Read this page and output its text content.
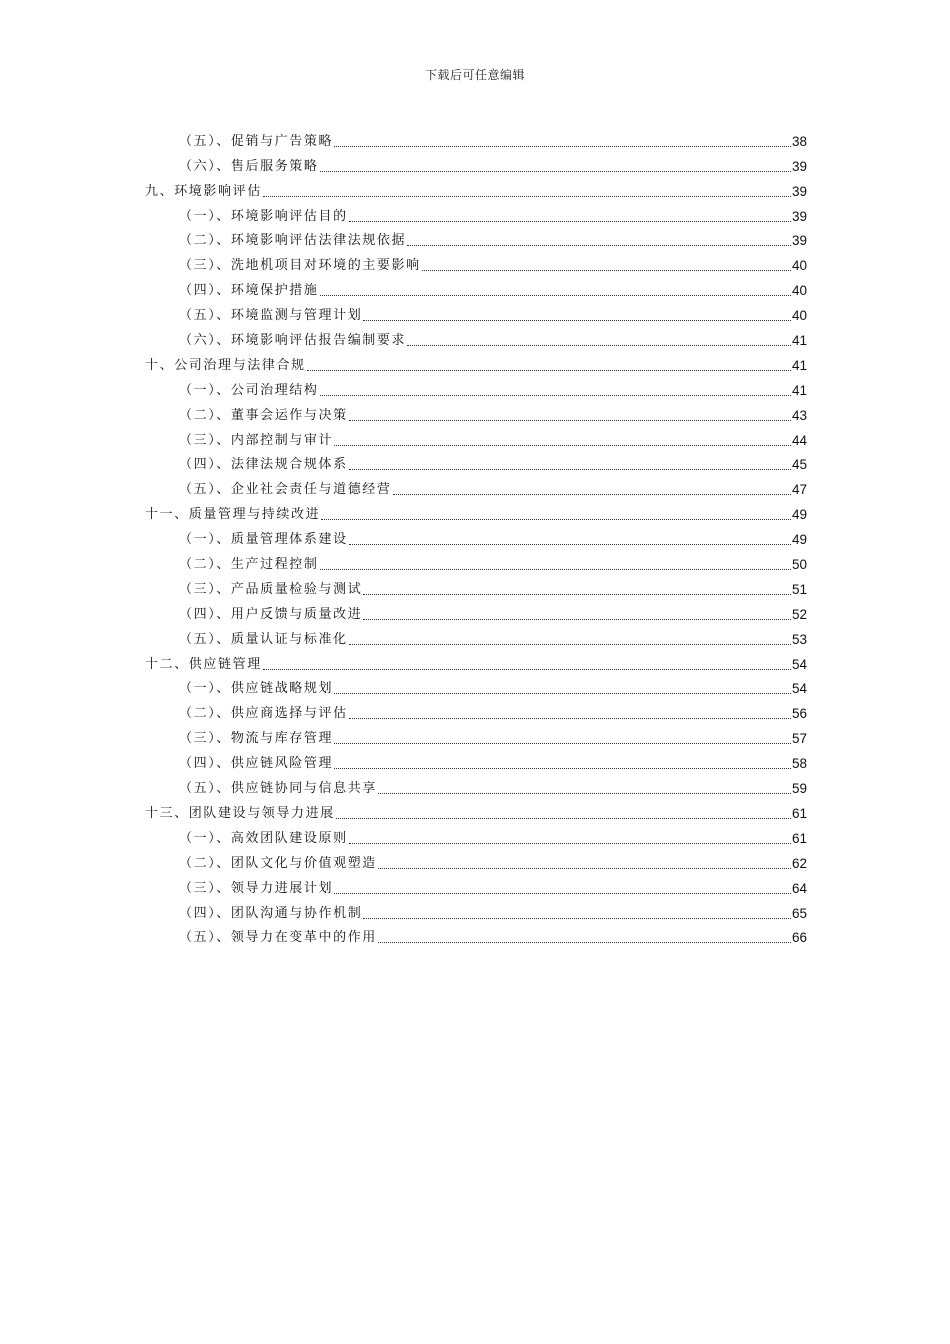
下载后可任意编辑
（五）、促销与广告策略	38
（六）、售后服务策略	39
九、环境影响评估	39
（一）、环境影响评估目的	39
（二）、环境影响评估法律法规依据	39
（三）、洗地机项目对环境的主要影响	40
（四）、环境保护措施	40
（五）、环境监测与管理计划	40
（六）、环境影响评估报告编制要求	41
十、公司治理与法律合规	41
（一）、公司治理结构	41
（二）、董事会运作与决策	43
（三）、内部控制与审计	44
（四）、法律法规合规体系	45
（五）、企业社会责任与道德经营	47
十一、质量管理与持续改进	49
（一）、质量管理体系建设	49
（二）、生产过程控制	50
（三）、产品质量检验与测试	51
（四）、用户反馈与质量改进	52
（五）、质量认证与标准化	53
十二、供应链管理	54
（一）、供应链战略规划	54
（二）、供应商选择与评估	56
（三）、物流与库存管理	57
（四）、供应链风险管理	58
（五）、供应链协同与信息共享	59
十三、团队建设与领导力进展	61
（一）、高效团队建设原则	61
（二）、团队文化与价值观塑造	62
（三）、领导力进展计划	64
（四）、团队沟通与协作机制	65
（五）、领导力在变革中的作用	66
